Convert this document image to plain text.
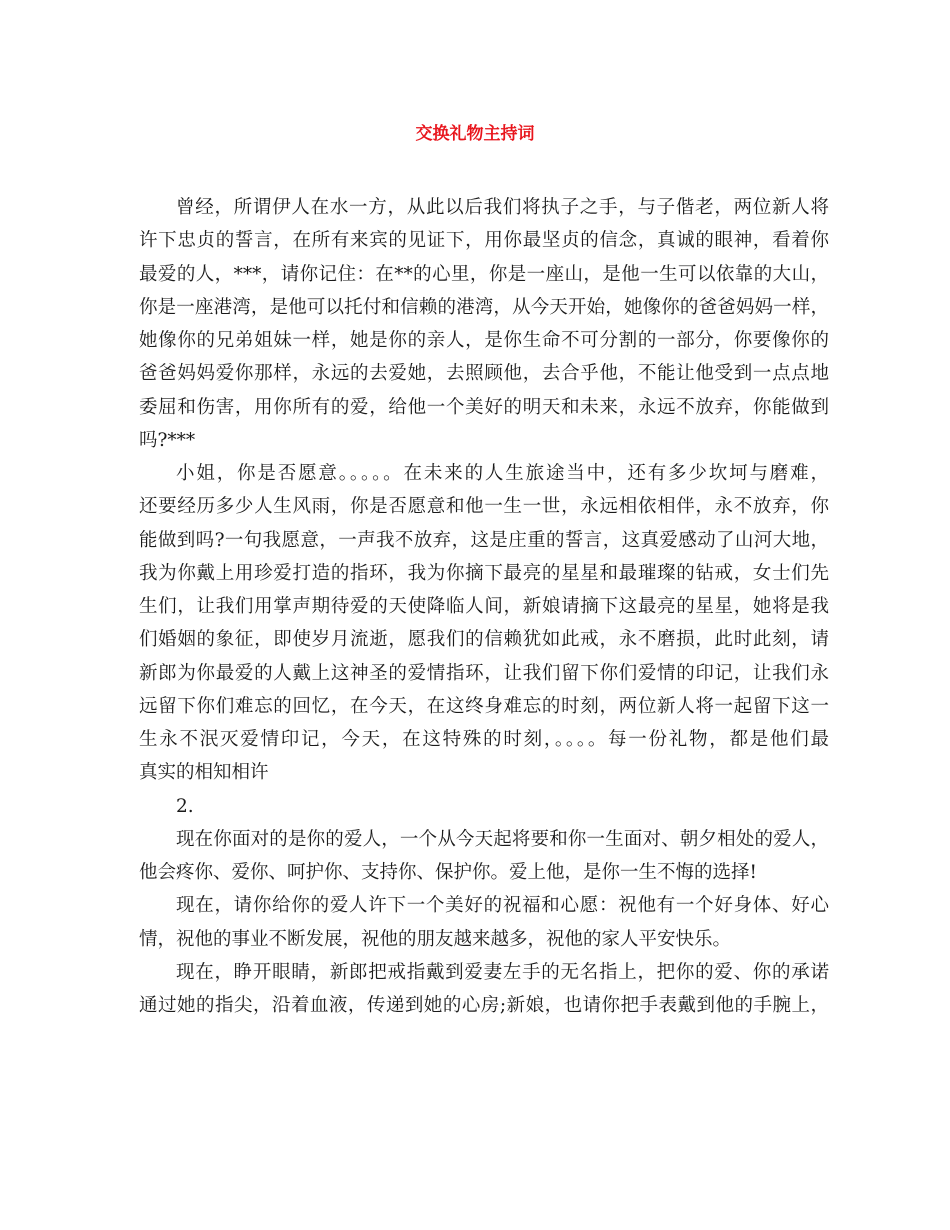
交换礼物主持词

曾经，所谓伊人在水一方，从此以后我们将执子之手，与子偕老，两位新人将

许下忠贞的誓言，在所有来宾的见证下，用你最坚贞的信念，真诚的眼神，看着你

最爱的人，***，请你记住：在**的心里，你是一座山，是他一生可以依靠的大山，

你是一座港湾，是他可以托付和信赖的港湾，从今天开始，她像你的爸爸妈妈一样，

她像你的兄弟姐妹一样，她是你的亲人，是你生命不可分割的一部分，你要像你的

爸爸妈妈爱你那样，永远的去爱她，去照顾他，去合乎他，不能让他受到一点点地

委屈和伤害，用你所有的爱，给他一个美好的明天和未来，永远不放弃，你能做到

吗?***

小姐，你是否愿意。。。。。在未来的人生旅途当中，还有多少坎坷与磨难，

还要经历多少人生风雨，你是否愿意和他一生一世，永远相依相伴，永不放弃，你

能做到吗?一句我愿意，一声我不放弃，这是庄重的誓言，这真爱感动了山河大地，

我为你戴上用珍爱打造的指环，我为你摘下最亮的星星和最璀璨的钻戒，女士们先

生们，让我们用掌声期待爱的天使降临人间，新娘请摘下这最亮的星星，她将是我

们婚姻的象征，即使岁月流逝，愿我们的信赖犹如此戒，永不磨损，此时此刻，请

新郎为你最爱的人戴上这神圣的爱情指环，让我们留下你们爱情的印记，让我们永

远留下你们难忘的回忆，在今天，在这终身难忘的时刻，两位新人将一起留下这一

生永不泯灭爱情印记，今天，在这特殊的时刻，。。。。每一份礼物，都是他们最

真实的相知相许

2.

现在你面对的是你的爱人，一个从今天起将要和你一生面对、朝夕相处的爱人，

他会疼你、爱你、呵护你、支持你、保护你。爱上他，是你一生不悔的选择!

现在，请你给你的爱人许下一个美好的祝福和心愿：祝他有一个好身体、好心

情，祝他的事业不断发展，祝他的朋友越来越多，祝他的家人平安快乐。

现在，睁开眼睛，新郎把戒指戴到爱妻左手的无名指上，把你的爱、你的承诺

通过她的指尖，沿着血液，传递到她的心房;新娘，也请你把手表戴到他的手腕上，
